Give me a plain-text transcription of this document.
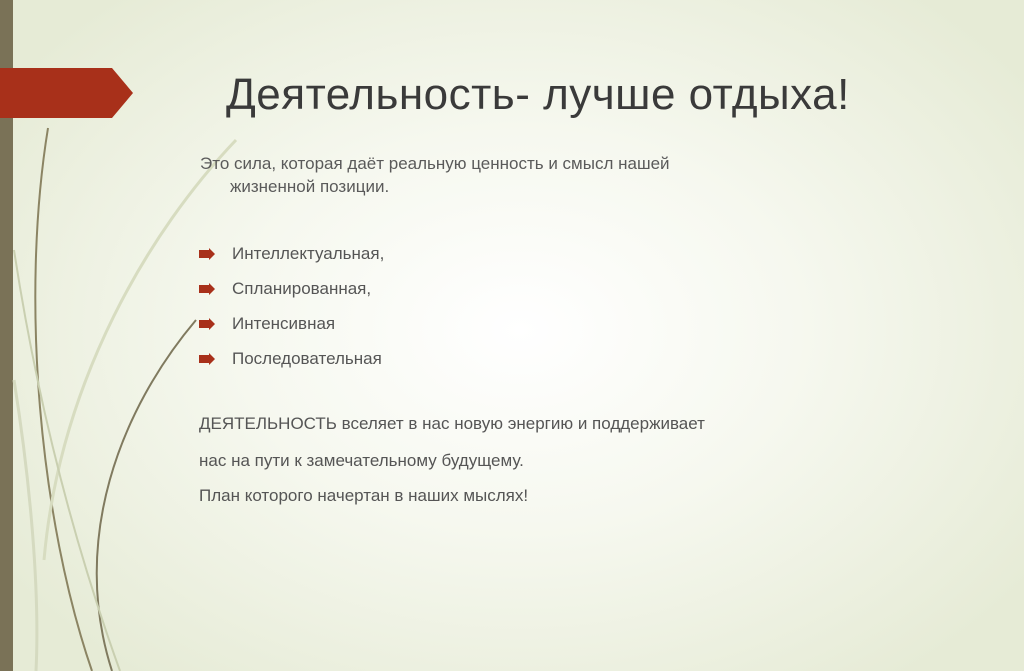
Деятельность- лучше отдыха!
Это сила, которая даёт реальную ценность и смысл нашей
жизненной позиции.
Интеллектуальная,
Спланированная,
Интенсивная
Последовательная

ДЕЯТЕЛЬНОСТЬ вселяет в нас новую энергию и поддерживает

нас на пути к замечательному будущему.

План которого начертан в наших мыслях!
